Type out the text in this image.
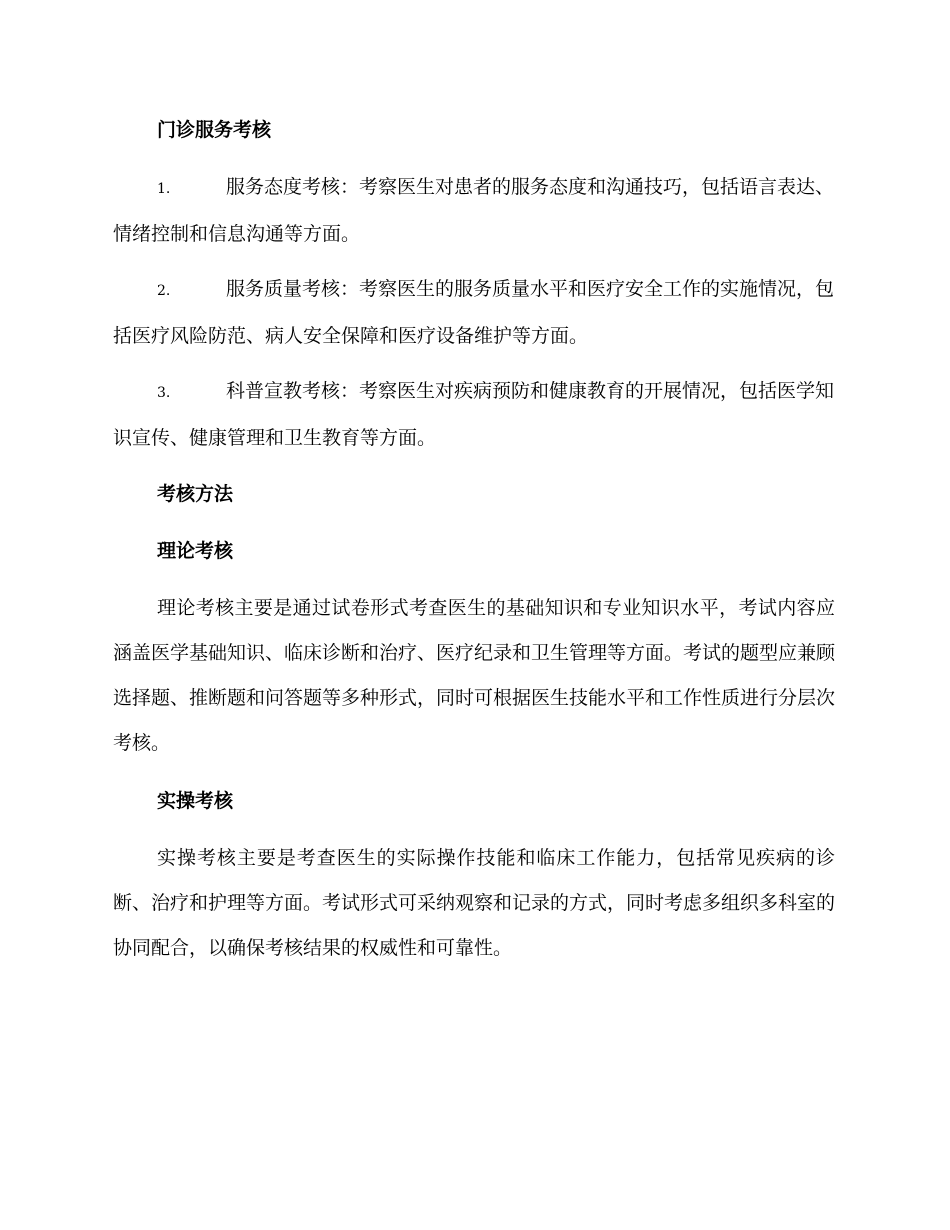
门诊服务考核
1.	服务态度考核：考察医生对患者的服务态度和沟通技巧，包括语言表达、情绪控制和信息沟通等方面。
2.	服务质量考核：考察医生的服务质量水平和医疗安全工作的实施情况，包括医疗风险防范、病人安全保障和医疗设备维护等方面。
3.	科普宣教考核：考察医生对疾病预防和健康教育的开展情况，包括医学知识宣传、健康管理和卫生教育等方面。
考核方法
理论考核
理论考核主要是通过试卷形式考查医生的基础知识和专业知识水平，考试内容应涵盖医学基础知识、临床诊断和治疗、医疗纪录和卫生管理等方面。考试的题型应兼顾选择题、推断题和问答题等多种形式，同时可根据医生技能水平和工作性质进行分层次考核。
实操考核
实操考核主要是考查医生的实际操作技能和临床工作能力，包括常见疾病的诊断、治疗和护理等方面。考试形式可采纳观察和记录的方式，同时考虑多组织多科室的协同配合，以确保考核结果的权威性和可靠性。
